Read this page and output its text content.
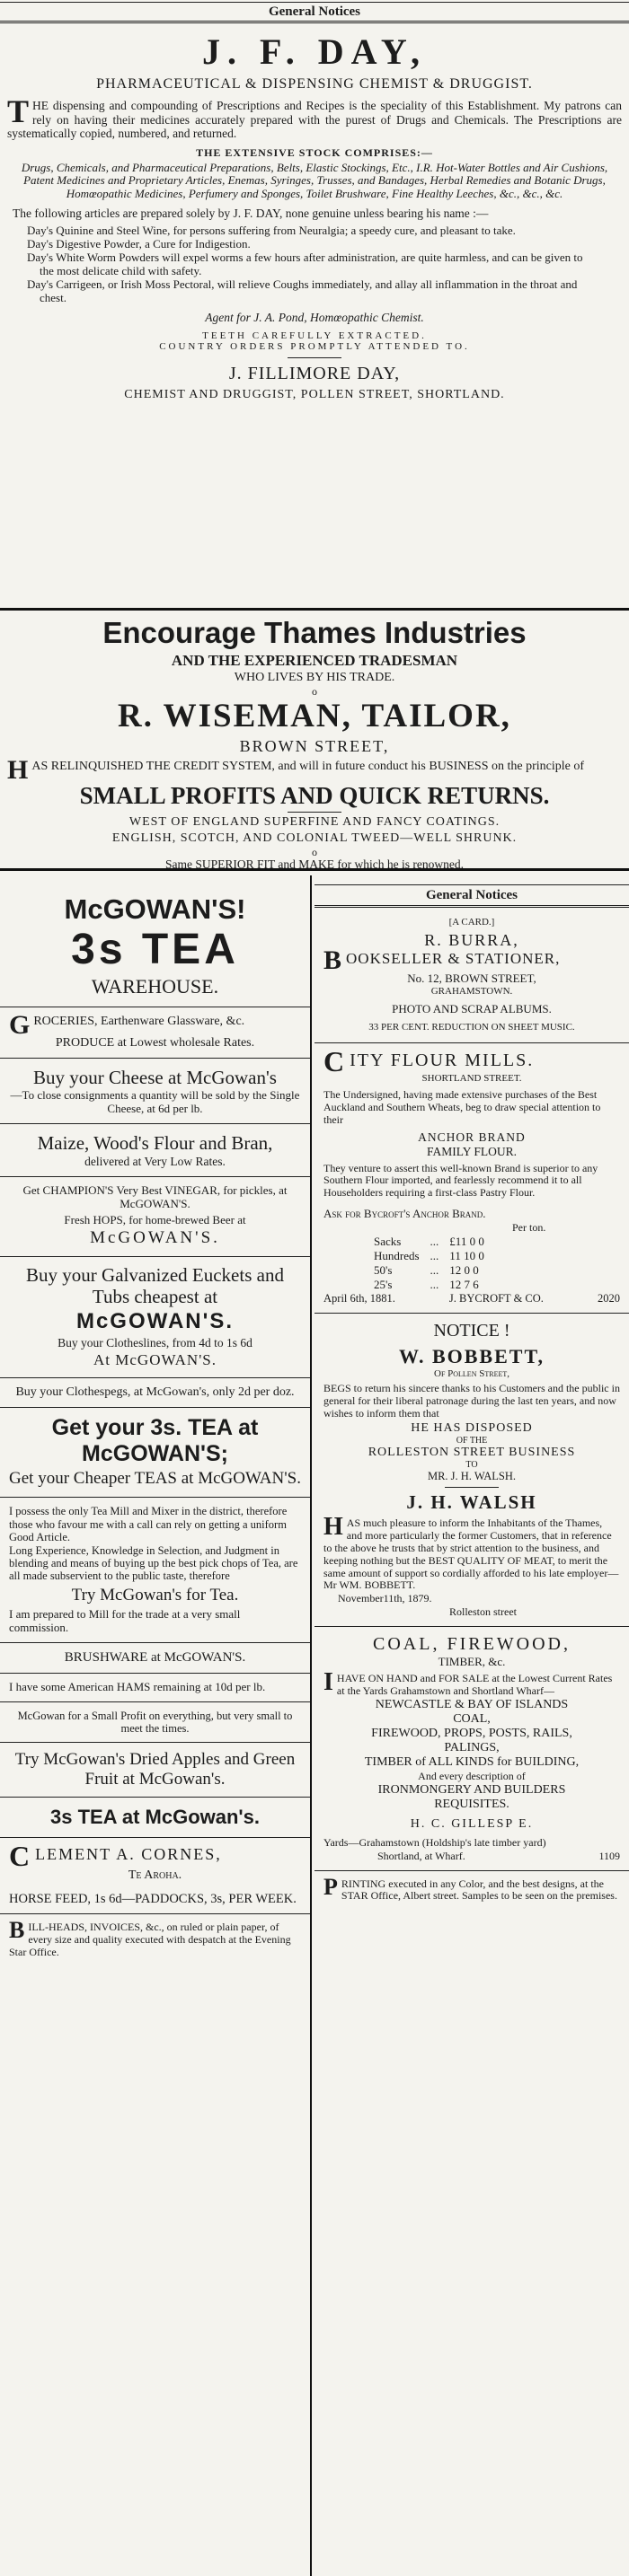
General Notices
J. F. DAY,
PHARMACEUTICAL & DISPENSING CHEMIST & DRUGGIST.
THE dispensing and compounding of Prescriptions and Recipes is the speciality of this Establishment. My patrons can rely on having their medicines accurately prepared with the purest of Drugs and Chemicals. The Prescriptions are systematically copied, numbered, and returned.
THE EXTENSIVE STOCK COMPRISES:—
Drugs, Chemicals, and Pharmaceutical Preparations, Belts, Elastic Stockings, Etc., I.R. Hot-Water Bottles and Air Cushions, Patent Medicines and Proprietary Articles, Enemas, Syringes, Trusses, and Bandages, Herbal Remedies and Botanic Drugs, Homœopathic Medicines, Perfumery and Sponges, Toilet Brushware, Fine Healthy Leeches, &c., &c., &c.
The following articles are prepared solely by J. F. DAY, none genuine unless bearing his name :—

Day's Quinine and Steel Wine, for persons suffering from Neuralgia; a speedy cure, and pleasant to take.

Day's Digestive Powder, a Cure for Indigestion.

Day's White Worm Powders will expel worms a few hours after administration, are quite harmless, and can be given to the most delicate child with safety.

Day's Carrigeen, or Irish Moss Pectoral, will relieve Coughs immediately, and allay all inflammation in the throat and chest.

Agent for J. A. Pond, Homœopathic Chemist.
TEETH CAREFULLY EXTRACTED.
COUNTRY ORDERS PROMPTLY ATTENDED TO.
J. FILLIMORE DAY,
CHEMIST AND DRUGGIST, POLLEN STREET, SHORTLAND.
Encourage Thames Industries
AND THE EXPERIENCED TRADESMAN
WHO LIVES BY HIS TRADE.
o
R. WISEMAN, TAILOR,
BROWN STREET,
HAS RELINQUISHED THE CREDIT SYSTEM, and will in future conduct his BUSINESS on the principle of
SMALL PROFITS AND QUICK RETURNS.
WEST OF ENGLAND SUPERFINE AND FANCY COATINGS.
ENGLISH, SCOTCH, AND COLONIAL TWEED—WELL SHRUNK.
o
Same SUPERIOR FIT and MAKE for which he is renowned.
McGOWAN'S!
3s TEA
WAREHOUSE.
GROCERIES, Earthenware Glassware, &c.
PRODUCE at Lowest wholesale Rates.
Buy your Cheese at McGowan's
—To close consignments a quantity will be sold by the Single Cheese, at 6d per lb.
Maize, Wood's Flour and Bran,
delivered at Very Low Rates.
Get CHAMPION'S Very Best VINEGAR, for pickles, at McGOWAN'S.
Fresh HOPS, for home-brewed Beer at
McGOWAN'S.
Buy your Galvanized Euckets and Tubs cheapest at
McGOWAN'S.
Buy your Clotheslines, from 4d to 1s 6d
At McGOWAN'S.
Buy your Clothespegs, at McGowan's, only 2d per doz.
Get your 3s. TEA at McGOWAN'S;
Get your Cheaper TEAS at McGOWAN'S.
I possess the only Tea Mill and Mixer in the district, therefore those who favour me with a call can rely on getting a uniform Good Article.
Long Experience, Knowledge in Selection, and Judgment in blending and means of buying up the best pick chops of Tea, are all made subservient to the public taste, therefore
Try McGowan's for Tea.
I am prepared to Mill for the trade at a very small commission.
BRUSHWARE at McGOWAN'S.
I have some American HAMS remaining at 10d per lb.
McGowan for a Small Profit on everything, but very small to meet the times.
Try McGowan's Dried Apples and Green Fruit at McGowan's.
3s TEA at McGowan's.
CLEMENT A. CORNES,
Te Aroha.
HORSE FEED, 1s 6d—PADDOCKS, 3s, PER WEEK.
BILL-HEADS, INVOICES, &c., on ruled or plain paper, of every size and quality executed with despatch at the Evening Star Office.
General Notices
[A CARD.]
R. BURRA,
BOOKSELLER & STATIONER,
No. 12, BROWN STREET,
GRAHAMSTOWN.
PHOTO AND SCRAP ALBUMS.
33 PER CENT. REDUCTION ON SHEET MUSIC.
CITY FLOUR MILLS.
SHORTLAND STREET.
The Undersigned, having made extensive purchases of the Best Auckland and Southern Wheats, beg to draw special attention to their
ANCHOR BRAND
FAMILY FLOUR.
They venture to assert this well-known Brand is superior to any Southern Flour imported, and fearlessly recommend it to all Householders requiring a first-class Pastry Flour.
Ask for Bycroft's Anchor Brand.
Per ton.
Sacks	...	£11 0 0
Hundreds	...	11 10 0
50's	...	12 0 0
25's	...	12 7 6
April 6th, 1881.	J. BYCROFT & CO.	2020
NOTICE !
W. BOBBETT,
Of Pollen Street,
BEGS to return his sincere thanks to his Customers and the public in general for their liberal patronage during the last ten years, and now wishes to inform them that
HE HAS DISPOSED
OF THE
ROLLESTON STREET BUSINESS
TO
MR. J. H. WALSH.
J. H. WALSH
HAS much pleasure to inform the Inhabitants of the Thames, and more particularly the former Customers, that in reference to the above he trusts that by strict attention to the business, and keeping nothing but the BEST QUALITY OF MEAT, to merit the same amount of support so cordially afforded to his late employer—Mr WM. BOBBETT.
November11th, 1879.
Rolleston street
COAL, FIREWOOD,
TIMBER, &c.
IHAVE ON HAND and FOR SALE at the Lowest Current Rates at the Yards Grahamstown and Shortland Wharf—
NEWCASTLE & BAY OF ISLANDS
COAL,
FIREWOOD, PROPS, POSTS, RAILS,
PALINGS,
TIMBER of ALL KINDS for BUILDING,
And every description of
IRONMONGERY AND BUILDERS
REQUISITES.
H. C. GILLESP E.
Yards—Grahamstown (Holdship's late timber yard)
Shortland, at Wharf.	1109
PRINTING executed in any Color, and the best designs, at the STAR Office, Albert street. Samples to be seen on the premises.
